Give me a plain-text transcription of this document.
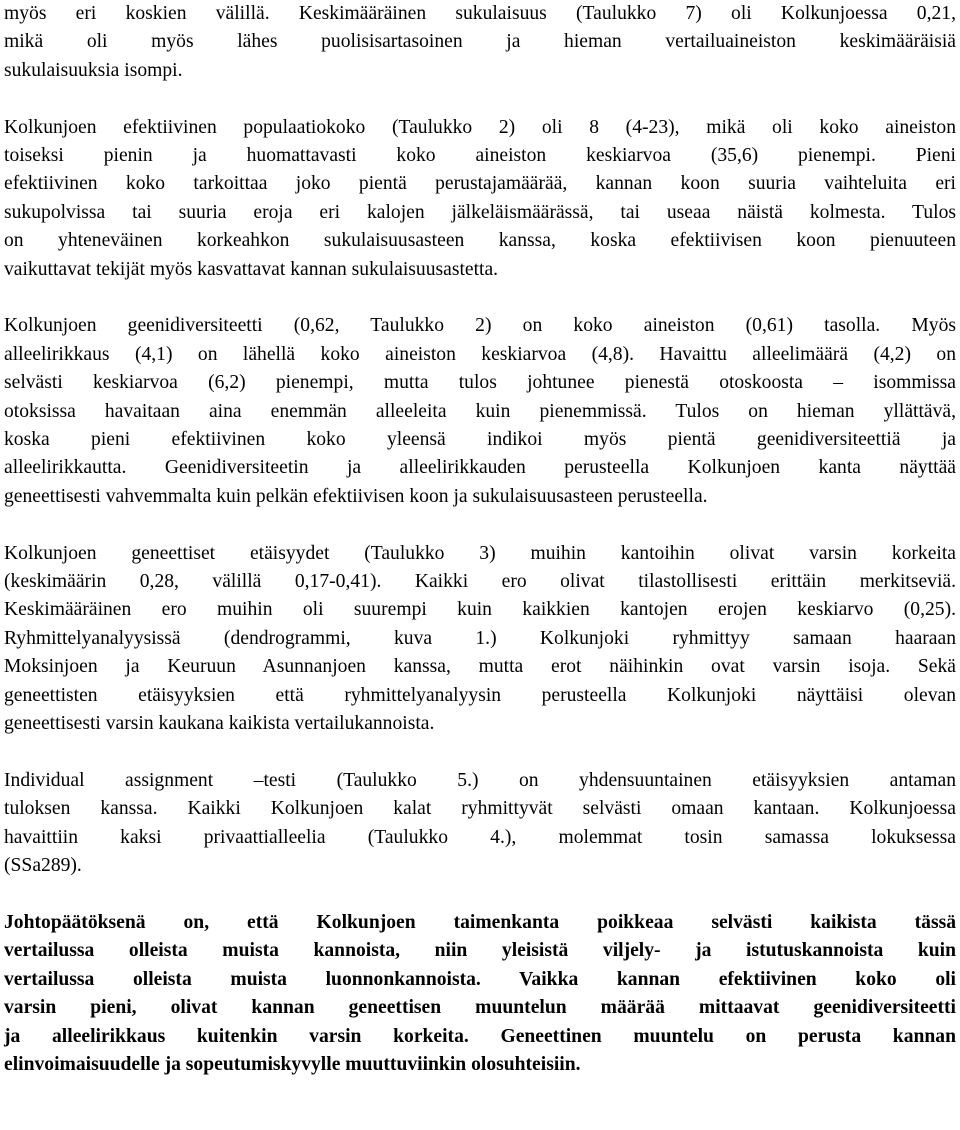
myös eri koskien välillä. Keskimääräinen sukulaisuus (Taulukko 7) oli Kolkunjoessa 0,21,
mikä oli myös lähes puolisisartasoinen ja hieman vertailuaineiston keskimääräisiä
sukulaisuuksia isompi.
Kolkunjoen efektiivinen populaatiokoko (Taulukko 2) oli 8 (4-23), mikä oli koko aineiston
toiseksi pienin ja huomattavasti koko aineiston keskiarvoa (35,6) pienempi. Pieni
efektiivinen koko tarkoittaa joko pientä perustajamäärää, kannan koon suuria vaihteluita eri
sukupolvissa tai suuria eroja eri kalojen jälkeläismäärässä, tai useaa näistä kolmesta. Tulos
on yhteneväinen korkeahkon sukulaisuusasteen kanssa, koska efektiivisen koon pienuuteen
vaikuttavat tekijät myös kasvattavat kannan sukulaisuusastetta.
Kolkunjoen geenidiversiteetti (0,62, Taulukko 2) on koko aineiston (0,61) tasolla. Myös
alleelirikkaus (4,1) on lähellä koko aineiston keskiarvoa (4,8). Havaittu alleelimäärä (4,2) on
selvästi keskiarvoa (6,2) pienempi, mutta tulos johtunee pienestä otoskoosta – isommissa
otoksissa havaitaan aina enemmän alleeleita kuin pienemmissä. Tulos on hieman yllättävä,
koska pieni efektiivinen koko yleensä indikoi myös pientä geenidiversiteettiä ja
alleelirikkautta. Geenidiversiteetin ja alleelirikkauden perusteella Kolkunjoen kanta näyttää
geneettisesti vahvemmalta kuin pelkän efektiivisen koon ja sukulaisuusasteen perusteella.
Kolkunjoen geneettiset etäisyydet (Taulukko 3) muihin kantoihin olivat varsin korkeita
(keskimäärin 0,28, välillä 0,17-0,41). Kaikki ero olivat tilastollisesti erittäin merkitseviä.
Keskimääräinen ero muihin oli suurempi kuin kaikkien kantojen erojen keskiarvo (0,25).
Ryhmittelyanalyysissä (dendrogrammi, kuva 1.) Kolkunjoki ryhmittyy samaan haaraan
Moksinjoen ja Keuruun Asunnanjoen kanssa, mutta erot näihinkin ovat varsin isoja. Sekä
geneettisten etäisyyksien että ryhmittelyanalyysin perusteella Kolkunjoki näyttäisi olevan
geneettisesti varsin kaukana kaikista vertailukannoista.
Individual assignment –testi (Taulukko 5.) on yhdensuuntainen etäisyyksien antaman
tuloksen kanssa. Kaikki Kolkunjoen kalat ryhmittyvät selvästi omaan kantaan. Kolkunjoessa
havaittiin kaksi privaattialleelia (Taulukko 4.), molemmat tosin samassa lokuksessa
(SSa289).
Johtopäätöksenä on, että Kolkunjoen taimenkanta poikkeaa selvästi kaikista tässä
vertailussa olleista muista kannoista, niin yleisistä viljely- ja istutuskannoista kuin
vertailussa olleista muista luonnonkannoista. Vaikka kannan efektiivinen koko oli
varsin pieni, olivat kannan geneettisen muuntelun määrää mittaavat geenidiversiteetti
ja alleelirikkaus kuitenkin varsin korkeita. Geneettinen muuntelu on perusta kannan
elinvoimaisuudelle ja sopeutumiskyvylle muuttuviinkin olosuhteisiin.
